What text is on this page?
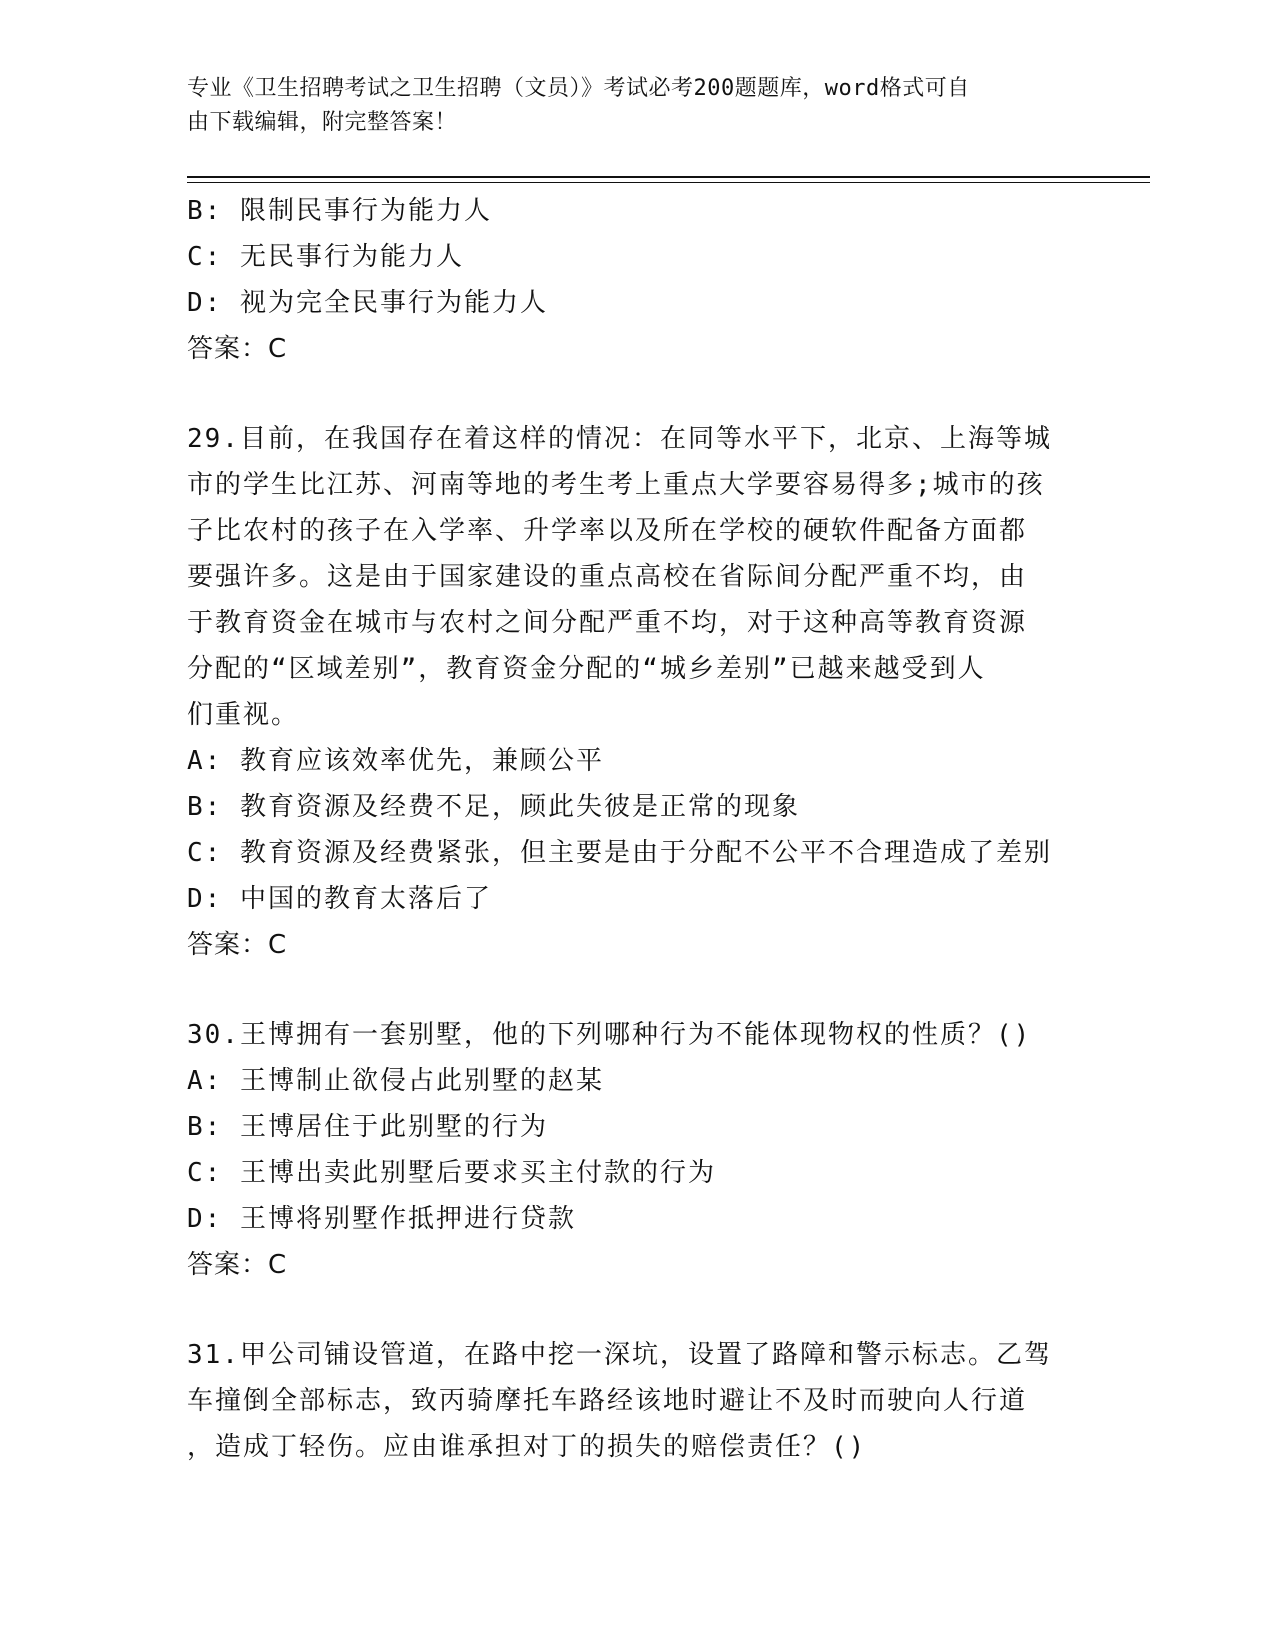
专业《卫生招聘考试之卫生招聘（文员）》考试必考200题题库，word格式可自
由下载编辑，附完整答案！
B: 限制民事行为能力人
C: 无民事行为能力人
D: 视为完全民事行为能力人
答案：C
29.目前，在我国存在着这样的情况：在同等水平下，北京、上海等城
市的学生比江苏、河南等地的考生考上重点大学要容易得多;城市的孩
子比农村的孩子在入学率、升学率以及所在学校的硬软件配备方面都
要强许多。这是由于国家建设的重点高校在省际间分配严重不均，由
于教育资金在城市与农村之间分配严重不均，对于这种高等教育资源
分配的“区域差别”，教育资金分配的“城乡差别”已越来越受到人
们重视。
A: 教育应该效率优先，兼顾公平
B: 教育资源及经费不足，顾此失彼是正常的现象
C: 教育资源及经费紧张，但主要是由于分配不公平不合理造成了差别
D: 中国的教育太落后了
答案：C
30.王博拥有一套别墅，他的下列哪种行为不能体现物权的性质？()
A: 王博制止欲侵占此别墅的赵某
B: 王博居住于此别墅的行为
C: 王博出卖此别墅后要求买主付款的行为
D: 王博将别墅作抵押进行贷款
答案：C
31.甲公司铺设管道，在路中挖一深坑，设置了路障和警示标志。乙驾
车撞倒全部标志，致丙骑摩托车路经该地时避让不及时而驶向人行道
，造成丁轻伤。应由谁承担对丁的损失的赔偿责任？()
